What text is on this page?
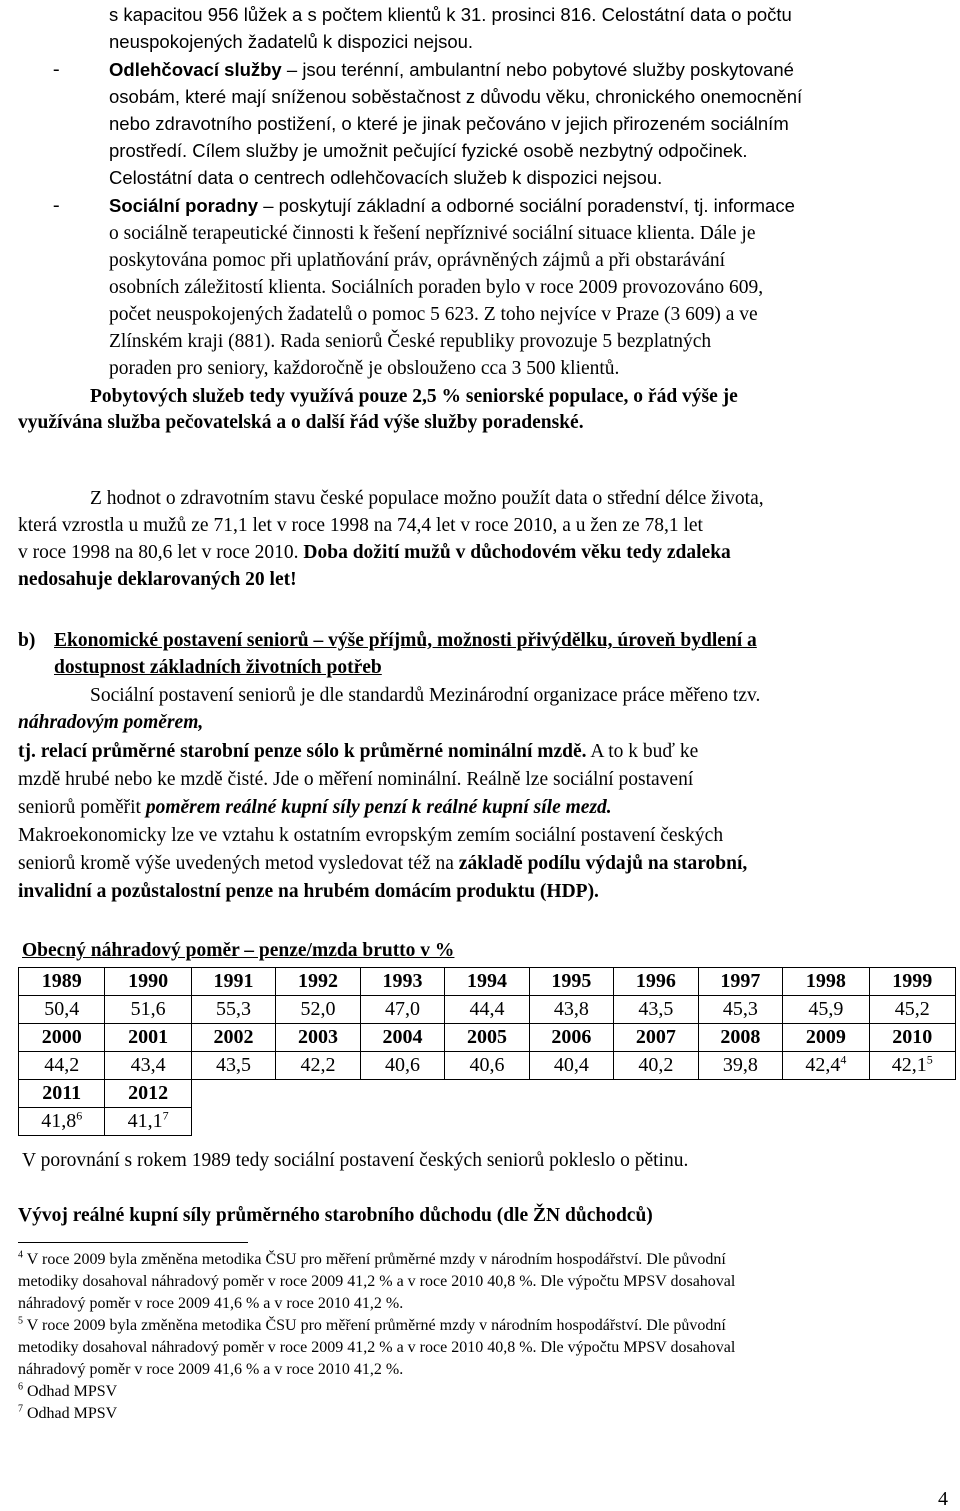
s kapacitou 956 lůžek a s počtem klientů k 31. prosinci 816. Celostátní data o počtu
neuspokojených žadatelů k dispozici nejsou.
-	Odlehčovací služby – jsou terénní, ambulantní nebo pobytové služby poskytované
osobám, které mají sníženou soběstačnost z důvodu věku, chronického onemocnění
nebo zdravotního postižení, o které je jinak pečováno v jejich přirozeném sociálním
prostředí. Cílem služby je umožnit pečující fyzické osobě nezbytný odpočinek.
Celostátní data o centrech odlehčovacích služeb k dispozici nejsou.
-	Sociální poradny – poskytují základní a odborné sociální poradenství, tj. informace
o sociálně terapeutické činnosti k řešení nepříznivé sociální situace klienta. Dále je
poskytována pomoc při uplatňování práv, oprávněných zájmů a při obstarávání
osobních záležitostí klienta. Sociálních poraden bylo v roce 2009 provozováno 609,
počet neuspokojených žadatelů o pomoc 5 623. Z toho nejvíce v Praze (3 609) a ve
Zlínském kraji (881). Rada seniorů České republiky provozuje 5 bezplatných
poraden pro seniory, každoročně je obslouženo cca 3 500 klientů.
Pobytových služeb tedy využívá pouze 2,5 % seniorské populace, o řád výše je
využívána služba pečovatelská a o další řád výše služby poradenské.
Z hodnot o zdravotním stavu české populace možno použít data o střední délce života,
která vzrostla u mužů ze 71,1 let v roce 1998 na 74,4 let v roce 2010, a u žen ze 78,1 let
v roce 1998 na 80,6 let v roce 2010. Doba dožití mužů v důchodovém věku tedy zdaleka
nedosahuje deklarovaných 20 let!
b) Ekonomické postavení seniorů – výše příjmů, možnosti přivýdělku, úroveň bydlení a
dostupnost základních životních potřeb
Sociální postavení seniorů je dle standardů Mezinárodní organizace práce měřeno tzv.
náhradovým poměrem,
tj. relací průměrné starobní penze sólo k průměrné nominální mzdě. A to k buď ke
mzdě hrubé nebo ke mzdě čisté. Jde o měření nominální. Reálně lze sociální postavení
seniorů poměřit poměrem reálné kupní síly penzí k reálné kupní síle mezd.
Makroekonomicky lze ve vztahu k ostatním evropským zemím sociální postavení českých
seniorů kromě výše uvedených metod vysledovat též na základě podílu výdajů na starobní,
invalidní a pozůstalostní penze na hrubém domácím produktu (HDP).
Obecný náhradový poměr – penze/mzda brutto v %
1989	1990	1991	1992	1993	1994	1995	1996	1997	1998	1999
50,4	51,6	55,3	52,0	47,0	44,4	43,8	43,5	45,3	45,9	45,2
2000	2001	2002	2003	2004	2005	2006	2007	2008	2009	2010
44,2	43,4	43,5	42,2	40,6	40,6	40,4	40,2	39,8	42,4$^4$	42,1$^5$
2011	2012									
41,8$^6$	41,1$^7$									
V porovnání s rokem 1989 tedy sociální postavení českých seniorů pokleslo o pětinu.
Vývoj reálné kupní síly průměrného starobního důchodu (dle ŽN důchodců)
$^4$ V roce 2009 byla změněna metodika ČSU pro měření průměrné mzdy v národním hospodářství. Dle původní
metodiky dosahoval náhradový poměr v roce 2009 41,2 % a v roce 2010 40,8 %. Dle výpočtu MPSV dosahoval
náhradový poměr v roce 2009 41,6 % a v roce 2010 41,2 %.
$^5$ V roce 2009 byla změněna metodika ČSU pro měření průměrné mzdy v národním hospodářství. Dle původní
metodiky dosahoval náhradový poměr v roce 2009 41,2 % a v roce 2010 40,8 %. Dle výpočtu MPSV dosahoval
náhradový poměr v roce 2009 41,6 % a v roce 2010 41,2 %.
$^6$ Odhad MPSV
$^7$ Odhad MPSV
4
